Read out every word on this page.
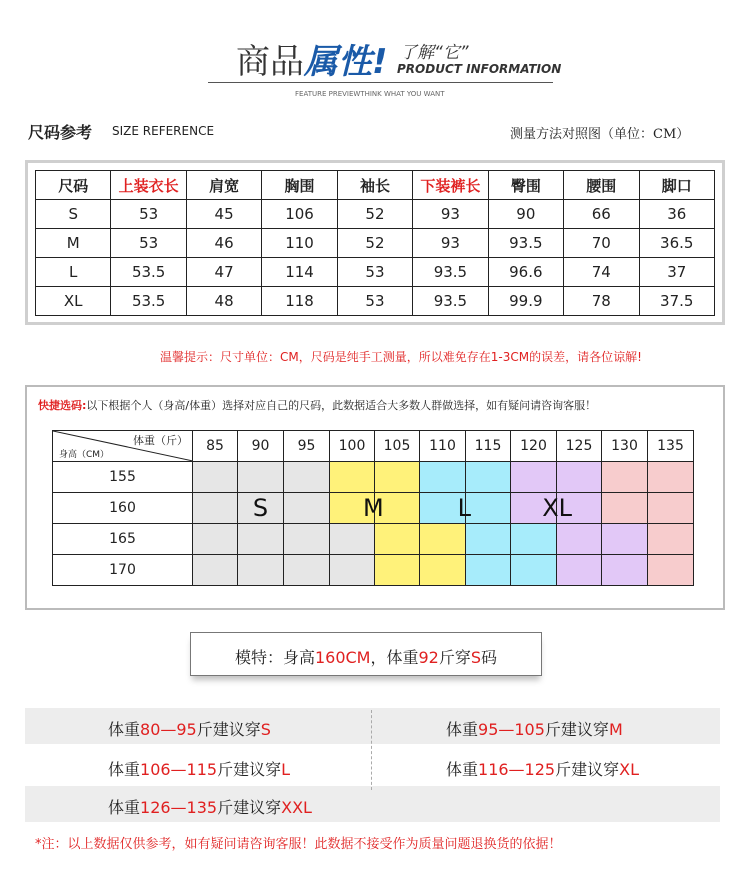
商品属性! 了解“它”
PRODUCT INFORMATION
FEATURE PREVIEWTHINK WHAT YOU WANT
尺码参考 SIZE REFERENCE	测量方法对照图（单位：CM）
尺码	上装衣长	肩宽	胸围	袖长	下装裤长	臀围	腰围	脚口
S	53	45	106	52	93	90	66	36
M	53	46	110	52	93	93.5	70	36.5
L	53.5	47	114	53	93.5	96.6	74	37
XL	53.5	48	118	53	93.5	99.9	78	37.5
温馨提示：尺寸单位：CM，尺码是纯手工测量，所以难免存在1-3CM的误差，请各位谅解!
快捷选码:以下根据个人（身高/体重）选择对应自己的尺码，此数据适合大多数人群做选择，如有疑问请咨询客服！
体重（斤）
身高（CM）	85	90	95	100	105	110	115	120	125	130	135
155											
160		S			M	L		XL			
165											
170											
模特：身高160CM，体重92斤穿S码
体重80—95斤建议穿S	体重95—105斤建议穿M
体重106—115斤建议穿L	体重116—125斤建议穿XL
体重126—135斤建议穿XXL
*注：以上数据仅供参考，如有疑问请咨询客服！此数据不接受作为质量问题退换货的依据！
